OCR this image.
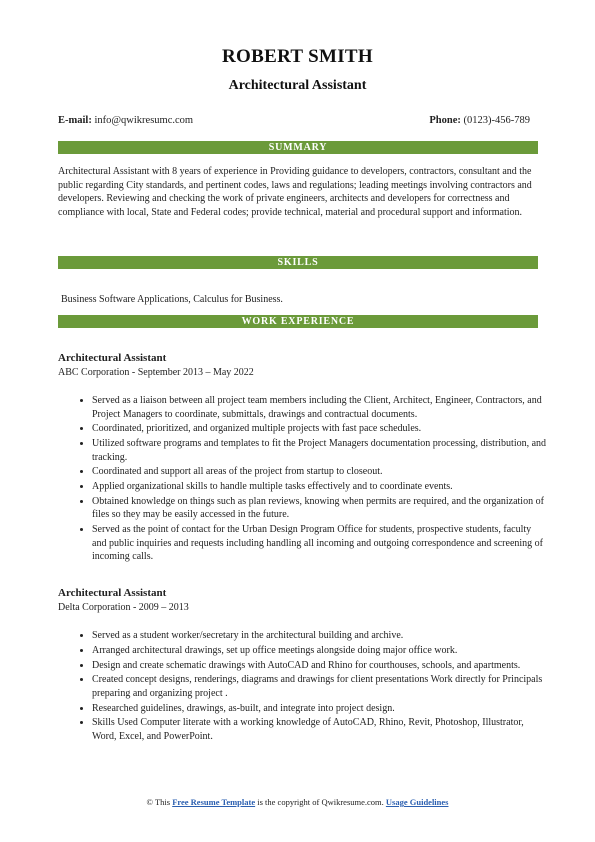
ROBERT SMITH
Architectural Assistant
E-mail: info@qwikresumc.com	Phone: (0123)-456-789
SUMMARY
Architectural Assistant with 8 years of experience in Providing guidance to developers, contractors, consultant and the public regarding City standards, and pertinent codes, laws and regulations; leading meetings involving contractors and developers. Reviewing and checking the work of private engineers, architects and developers for correctness and compliance with local, State and Federal codes; provide technical, material and procedural support and information.
SKILLS
Business Software Applications, Calculus for Business.
WORK EXPERIENCE
Architectural Assistant
ABC Corporation - September 2013 – May 2022
• Served as a liaison between all project team members including the Client, Architect, Engineer, Contractors, and Project Managers to coordinate, submittals, drawings and contractual documents.
• Coordinated, prioritized, and organized multiple projects with fast pace schedules.
• Utilized software programs and templates to fit the Project Managers documentation processing, distribution, and tracking.
• Coordinated and support all areas of the project from startup to closeout.
• Applied organizational skills to handle multiple tasks effectively and to coordinate events.
• Obtained knowledge on things such as plan reviews, knowing when permits are required, and the organization of files so they may be easily accessed in the future.
• Served as the point of contact for the Urban Design Program Office for students, prospective students, faculty and public inquiries and requests including handling all incoming and outgoing correspondence and screening of incoming calls.
Architectural Assistant
Delta Corporation - 2009 – 2013
• Served as a student worker/secretary in the architectural building and archive.
• Arranged architectural drawings, set up office meetings alongside doing major office work.
• Design and create schematic drawings with AutoCAD and Rhino for courthouses, schools, and apartments.
• Created concept designs, renderings, diagrams and drawings for client presentations Work directly for Principals preparing and organizing project .
• Researched guidelines, drawings, as-built, and integrate into project design.
• Skills Used Computer literate with a working knowledge of AutoCAD, Rhino, Revit, Photoshop, Illustrator, Word, Excel, and PowerPoint.
© This Free Resume Template is the copyright of Qwikresume.com. Usage Guidelines
